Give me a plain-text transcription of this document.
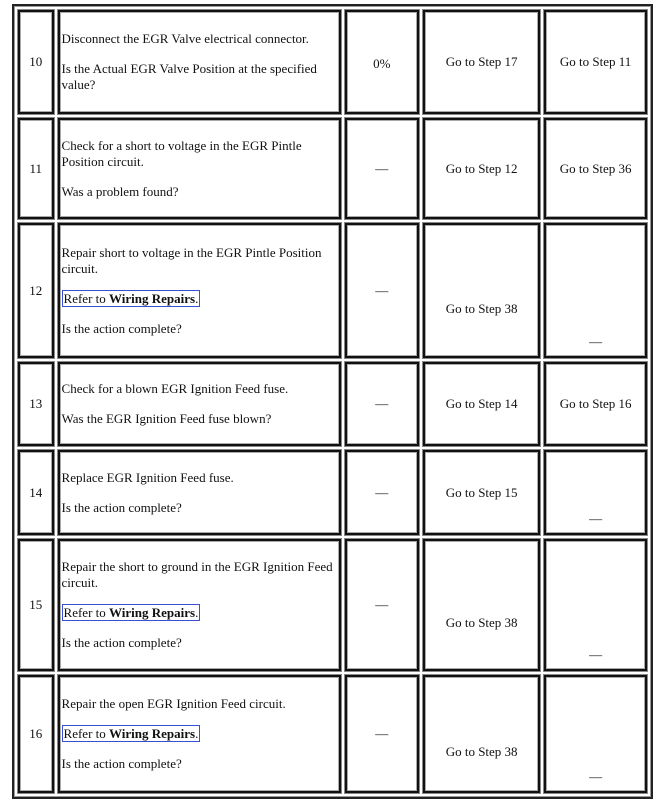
10	Disconnect the EGR Valve electrical connector.

Is the Actual EGR Valve Position at the specified value?	0%	Go to Step 17	Go to Step 11
11	Check for a short to voltage in the EGR Pintle Position circuit.

Was a problem found?	—	Go to Step 12	Go to Step 36
12	Repair short to voltage in the EGR Pintle Position circuit.

Refer to Wiring Repairs.

Is the action complete?	—	Go to Step 38	—
13	Check for a blown EGR Ignition Feed fuse.

Was the EGR Ignition Feed fuse blown?	—	Go to Step 14	Go to Step 16
14	Replace EGR Ignition Feed fuse.

Is the action complete?	—	Go to Step 15	—
15	Repair the short to ground in the EGR Ignition Feed circuit.

Refer to Wiring Repairs.

Is the action complete?	—	Go to Step 38	—
16	Repair the open EGR Ignition Feed circuit.

Refer to Wiring Repairs.

Is the action complete?	—	Go to Step 38	—
